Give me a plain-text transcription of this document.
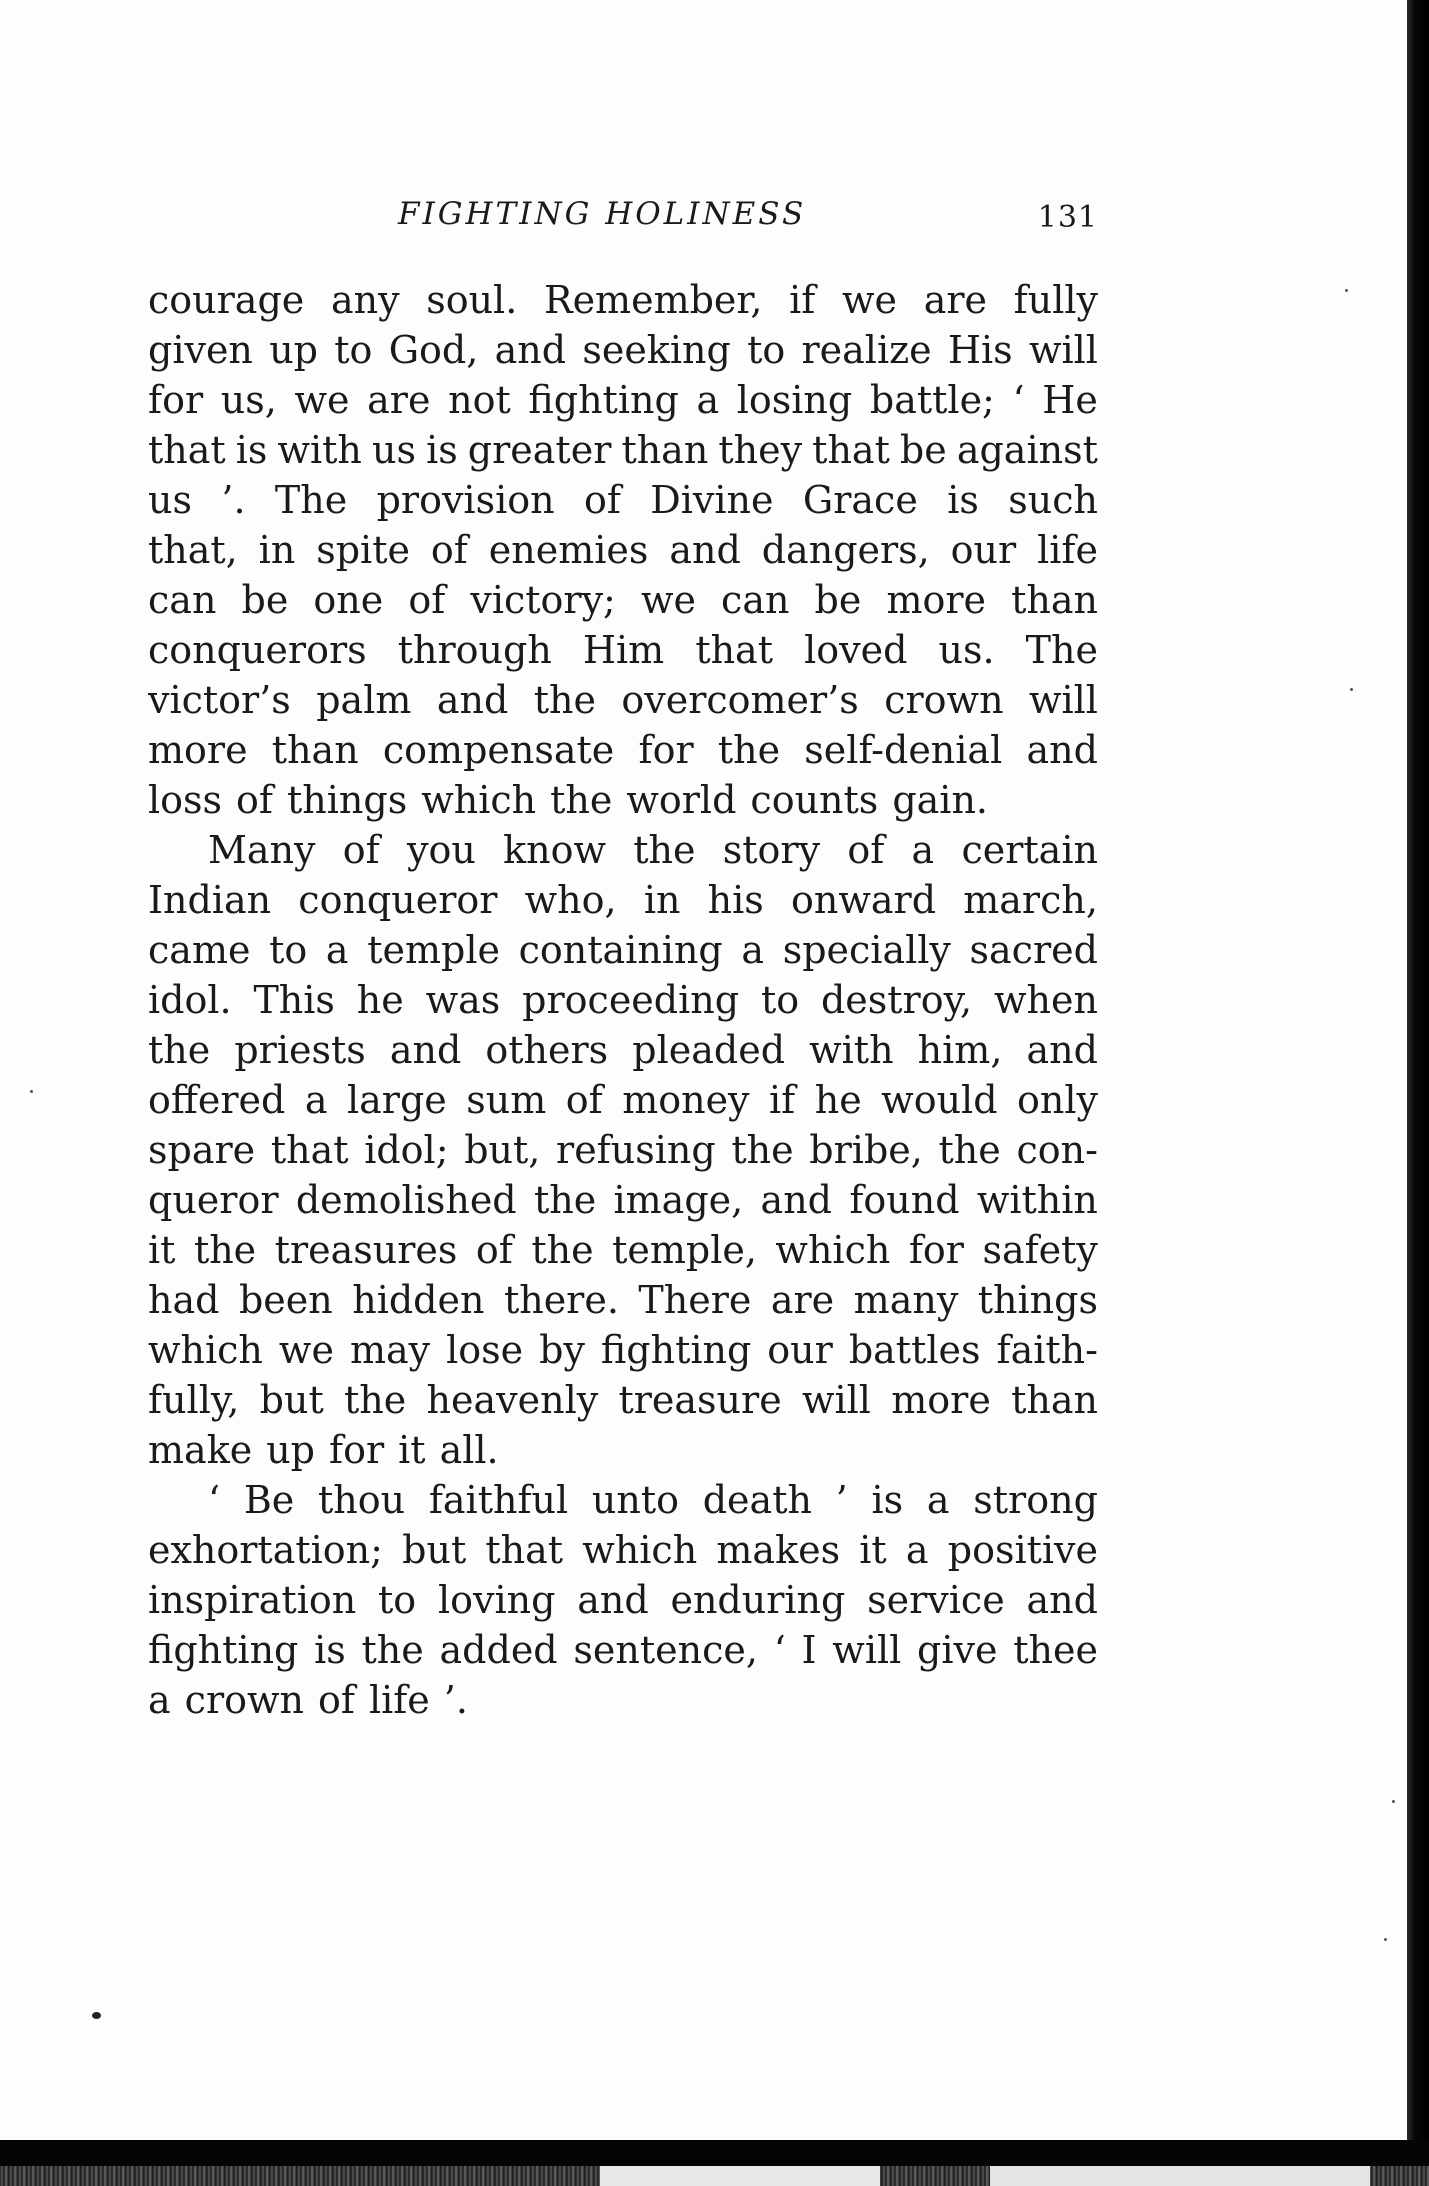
FIGHTING HOLINESS	131
courage any soul. Remember, if we are fully
given up to God, and seeking to realize His will
for us, we are not fighting a losing battle; ‘ He
that is with us is greater than they that be against
us ’. The provision of Divine Grace is such
that, in spite of enemies and dangers, our life
can be one of victory; we can be more than
conquerors through Him that loved us. The
victor’s palm and the overcomer’s crown will
more than compensate for the self-denial and
loss of things which the world counts gain.
Many of you know the story of a certain
Indian conqueror who, in his onward march,
came to a temple containing a specially sacred
idol. This he was proceeding to destroy, when
the priests and others pleaded with him, and
offered a large sum of money if he would only
spare that idol; but, refusing the bribe, the con-
queror demolished the image, and found within
it the treasures of the temple, which for safety
had been hidden there. There are many things
which we may lose by fighting our battles faith-
fully, but the heavenly treasure will more than
make up for it all.
‘ Be thou faithful unto death ’ is a strong
exhortation; but that which makes it a positive
inspiration to loving and enduring service and
fighting is the added sentence, ‘ I will give thee
a crown of life ’.
